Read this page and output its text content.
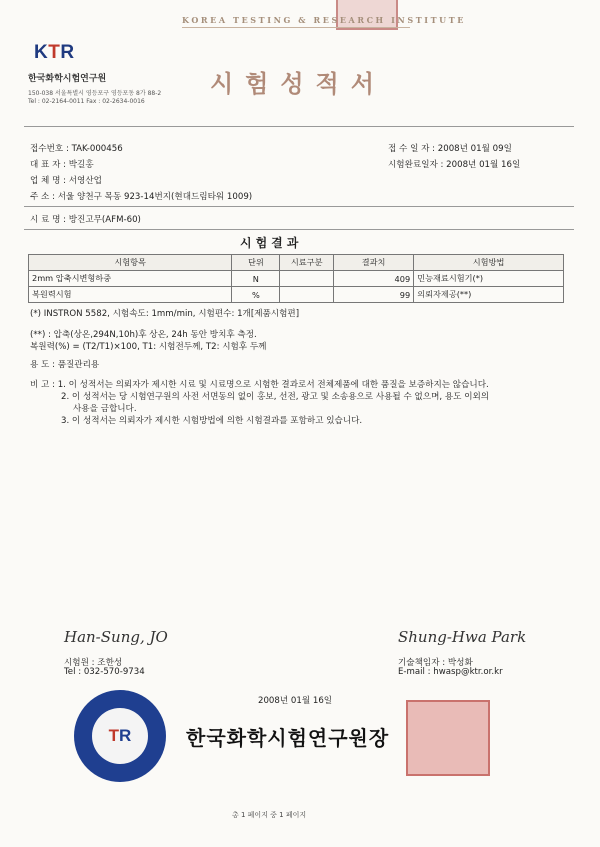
KOREA TESTING & RESEARCH INSTITUTE
KTR
한국화학시험연구원
150-038 서울특별시 영등포구 영등포동 8가 88-2
Tel : 02-2164-0011 Fax : 02-2634-0016
시험성적서
접수번호 : TAK-000456
대 표 자 : 박길홍
업 체 명 : 서영산업
주 소 : 서울 양천구 목동 923-14번지(현대드림타워 1009)
접 수 일 자 : 2008년 01월 09일
시험완료일자 : 2008년 01월 16일
시 료 명 : 방진고무(AFM-60)
시험결과
시험항목	단위	시료구분	결과치	시험방법
2mm 압축시변형하중	N		409	민능재료시험기(*)
복원력시험	%		99	의뢰자제공(**)
(*) INSTRON 5582, 시험속도: 1mm/min, 시험편수: 1개[제품시험편]
(**) : 압축(상온,294N,10h)후 상온, 24h 동안 방치후 측정.
복원력(%) = (T2/T1)×100, T1: 시험전두께, T2: 시험후 두께
용 도 : 품질관리용
비 고 : 1. 이 성적서는 의뢰자가 제시한 시료 및 시료명으로 시험한 결과로서 전체제품에 대한 품질을 보증하지는 않습니다.
2. 이 성적서는 당 시험연구원의 사전 서면동의 없이 홍보, 선전, 광고 및 소송용으로 사용될 수 없으며, 용도 이외의
사용을 금합니다.
3. 이 성적서는 의뢰자가 제시한 시험방법에 의한 시험결과를 포함하고 있습니다.
Han-Sung, JO
시험원 : 조한성
Tel : 032-570-9734
Shung-Hwa Park
기술책임자 : 박성화
E-mail : hwasp@ktr.or.kr
2008년 01월 16일
TR	한국화학시험연구원장
총 1 페이지 중 1 페이지
